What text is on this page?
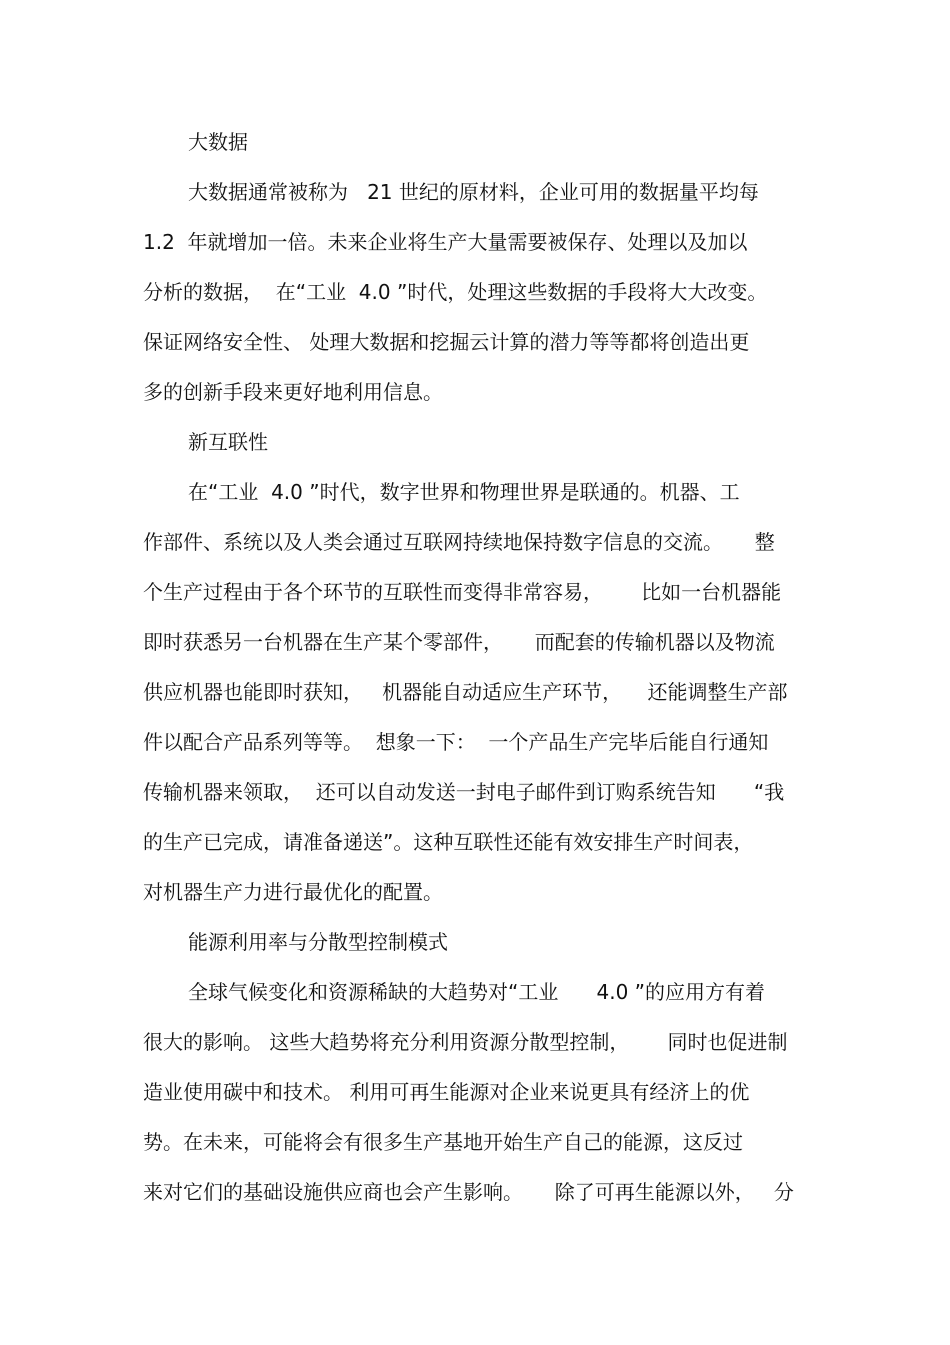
大数据

大数据通常被称为   21 世纪的原材料，企业可用的数据量平均每

1.2  年就增加一倍。未来企业将生产大量需要被保存、处理以及加以

分析的数据，  在“工业  4.0 ”时代，处理这些数据的手段将大大改变。

保证网络安全性、 处理大数据和挖掘云计算的潜力等等都将创造出更

多的创新手段来更好地利用信息。

新互联性

在“工业  4.0 ”时代，数字世界和物理世界是联通的。机器、工

作部件、系统以及人类会通过互联网持续地保持数字信息的交流。     整

个生产过程由于各个环节的互联性而变得非常容易，      比如一台机器能

即时获悉另一台机器在生产某个零部件，     而配套的传输机器以及物流

供应机器也能即时获知，   机器能自动适应生产环节，    还能调整生产部

件以配合产品系列等等。  想象一下：  一个产品生产完毕后能自行通知

传输机器来领取，  还可以自动发送一封电子邮件到订购系统告知      “我

的生产已完成，请准备递送”。这种互联性还能有效安排生产时间表，

对机器生产力进行最优化的配置。

能源利用率与分散型控制模式

全球气候变化和资源稀缺的大趋势对“工业      4.0 ”的应用方有着

很大的影响。 这些大趋势将充分利用资源分散型控制，      同时也促进制

造业使用碳中和技术。 利用可再生能源对企业来说更具有经济上的优

势。在未来，可能将会有很多生产基地开始生产自己的能源，这反过

来对它们的基础设施供应商也会产生影响。     除了可再生能源以外，   分
